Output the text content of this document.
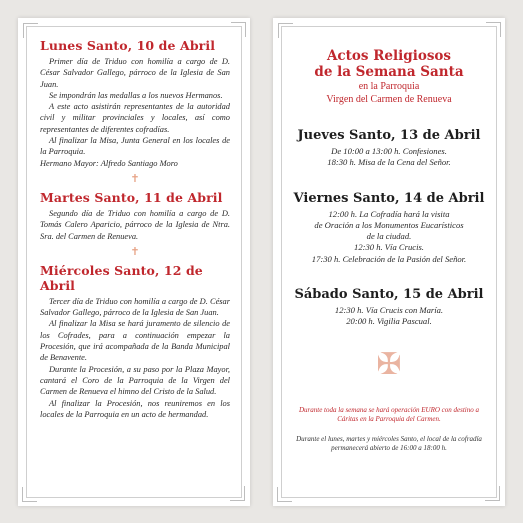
Lunes Santo, 10 de Abril

Primer día de Triduo con homilía a cargo de D. César Salvador Gallego, párroco de la Iglesia de San Juan.

Se impondrán las medallas a los nuevos Hermanos.

A este acto asistirán representantes de la autoridad civil y militar provinciales y locales, así como representantes de diferentes cofradías.

Al finalizar la Misa, Junta General en los locales de la Parroquia.

Hermano Mayor: Alfredo Santiago Moro

✝
Martes Santo, 11 de Abril

Segundo día de Triduo con homilía a cargo de D. Tomás Calero Aparicio, párroco de la Iglesia de Ntra. Sra. del Carmen de Renueva.

✝
Miércoles Santo, 12 de Abril

Tercer día de Triduo con homilía a cargo de D. César Salvador Gallego, párroco de la Iglesia de San Juan.

Al finalizar la Misa se hará juramento de silencio de los Cofrades, para a continuación empezar la Procesión, que irá acompañada de la Banda Municipal de Benavente.

Durante la Procesión, a su paso por la Plaza Mayor, cantará el Coro de la Parroquia de la Virgen del Carmen de Renueva el himno del Cristo de la Salud.

Al finalizar la Procesión, nos reuniremos en los locales de la Parroquia en un acto de hermandad.

Actos Religiosos
de la Semana Santa

en la Parroquia
Virgen del Carmen de Renueva

Jueves Santo, 13 de Abril

De 10:00 a 13:00 h. Confesiones.

18:30 h. Misa de la Cena del Señor.

Viernes Santo, 14 de Abril

12:00 h. La Cofradía hará la visita

de Oración a los Monumentos Eucarísticos

de la ciudad.

12:30 h. Vía Crucis.

17:30 h. Celebración de la Pasión del Señor.

Sábado Santo, 15 de Abril

12:30 h. Vía Crucis con María.

20:00 h. Vigilia Pascual.

✠

Durante toda la semana se hará operación EURO con destino a Cáritas en la Parroquia del Carmen.

Durante el lunes, martes y miércoles Santo, el local de la cofradía permanecerá abierto de 16:00 a 18:00 h.
